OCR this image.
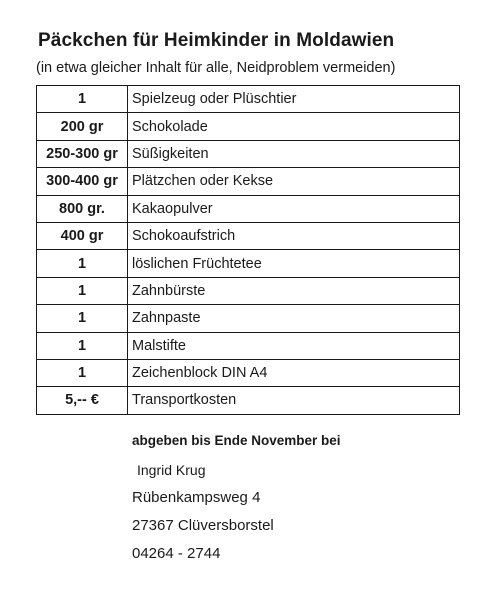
Päckchen für Heimkinder in Moldawien
(in etwa gleicher Inhalt für alle, Neidproblem vermeiden)
1	Spielzeug oder Plüschtier
200 gr	Schokolade
250-300 gr	Süßigkeiten
300-400 gr	Plätzchen oder Kekse
800 gr.	Kakaopulver
400 gr	Schokoaufstrich
1	löslichen Früchtetee
1	Zahnbürste
1	Zahnpaste
1	Malstifte
1	Zeichenblock DIN A4
5,-- €	Transportkosten
abgeben bis Ende November bei
Ingrid Krug
Rübenkampsweg 4
27367 Clüversborstel
04264 - 2744
